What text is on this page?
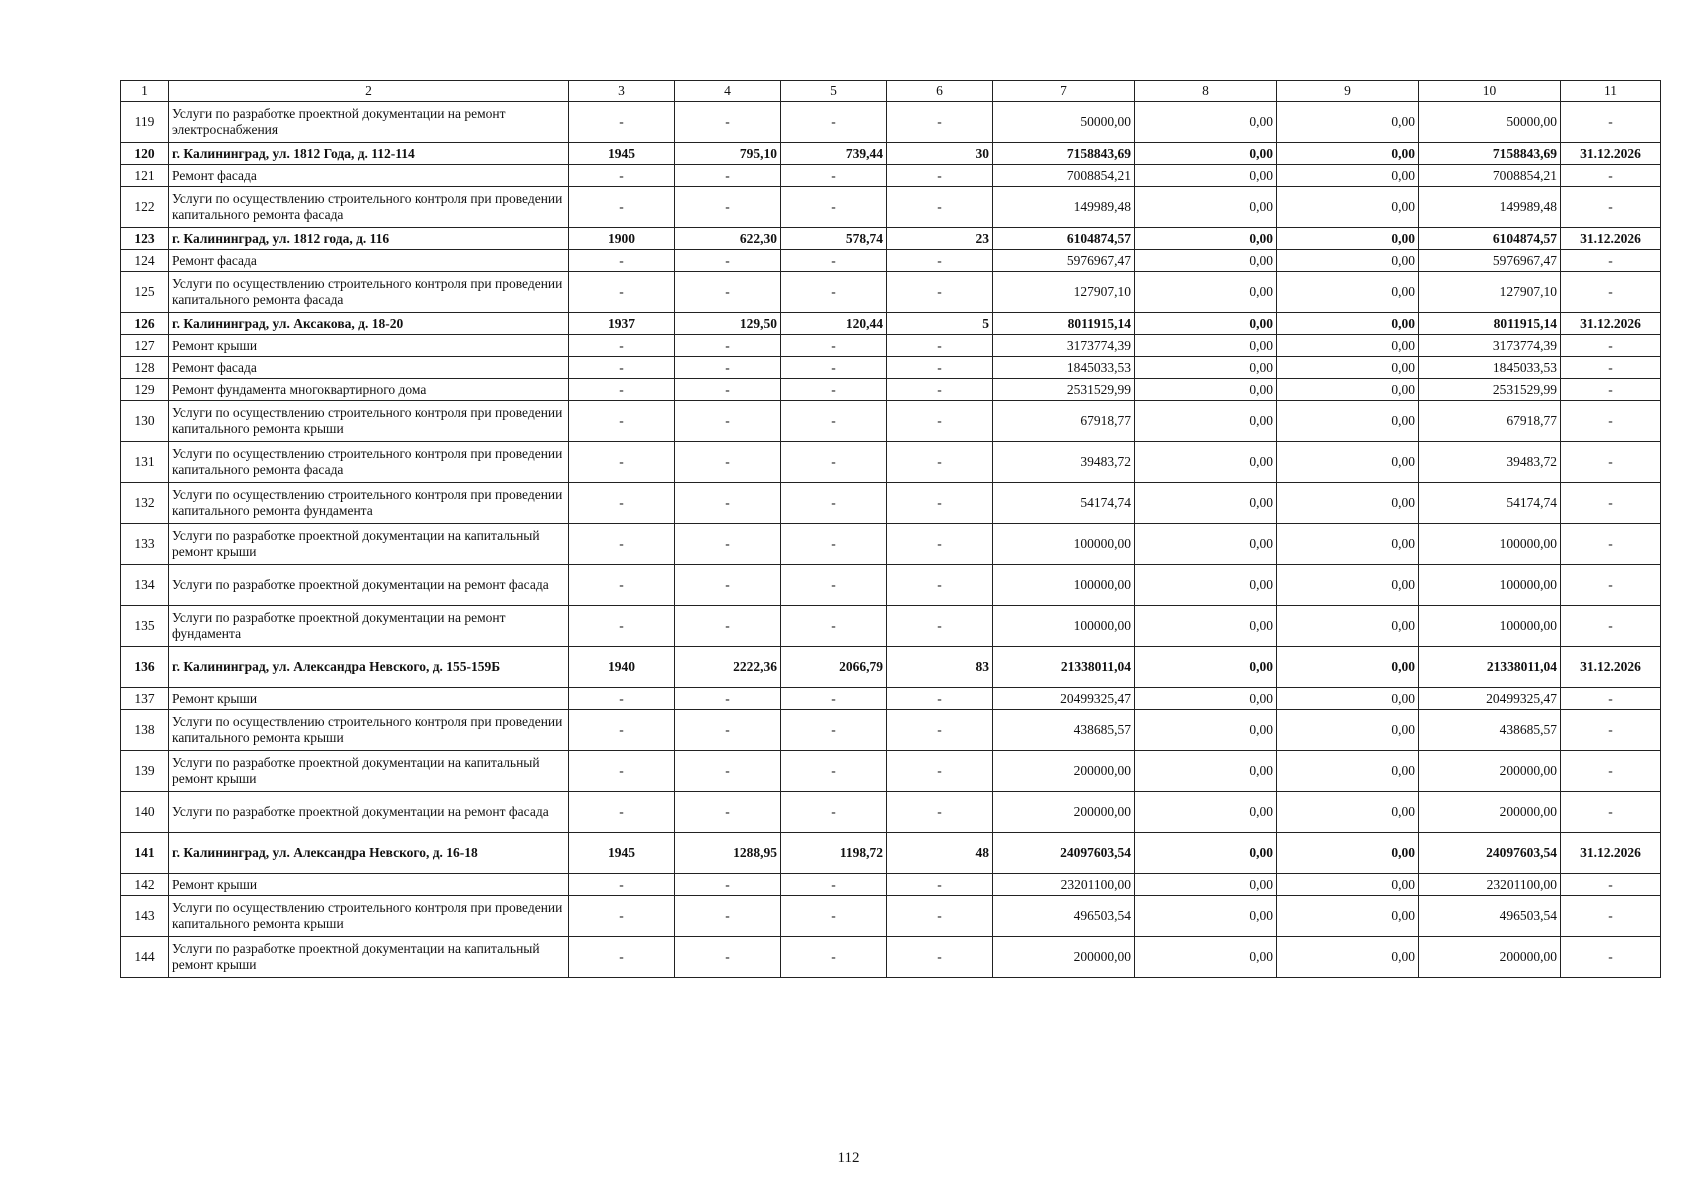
1	2	3	4	5	6	7	8	9	10	11
119	Услуги по разработке проектной документации на ремонт электроснабжения	-	-	-	-	50000,00	0,00	0,00	50000,00	-
120	г. Калининград, ул. 1812 Года, д. 112-114	1945	795,10	739,44	30	7158843,69	0,00	0,00	7158843,69	31.12.2026
121	Ремонт фасада	-	-	-	-	7008854,21	0,00	0,00	7008854,21	-
122	Услуги по осуществлению строительного контроля при проведении капитального ремонта фасада	-	-	-	-	149989,48	0,00	0,00	149989,48	-
123	г. Калининград, ул. 1812 года, д. 116	1900	622,30	578,74	23	6104874,57	0,00	0,00	6104874,57	31.12.2026
124	Ремонт фасада	-	-	-	-	5976967,47	0,00	0,00	5976967,47	-
125	Услуги по осуществлению строительного контроля при проведении капитального ремонта фасада	-	-	-	-	127907,10	0,00	0,00	127907,10	-
126	г. Калининград, ул. Аксакова, д. 18-20	1937	129,50	120,44	5	8011915,14	0,00	0,00	8011915,14	31.12.2026
127	Ремонт крыши	-	-	-	-	3173774,39	0,00	0,00	3173774,39	-
128	Ремонт фасада	-	-	-	-	1845033,53	0,00	0,00	1845033,53	-
129	Ремонт фундамента многоквартирного дома	-	-	-	-	2531529,99	0,00	0,00	2531529,99	-
130	Услуги по осуществлению строительного контроля при проведении капитального ремонта крыши	-	-	-	-	67918,77	0,00	0,00	67918,77	-
131	Услуги по осуществлению строительного контроля при проведении капитального ремонта фасада	-	-	-	-	39483,72	0,00	0,00	39483,72	-
132	Услуги по осуществлению строительного контроля при проведении капитального ремонта фундамента	-	-	-	-	54174,74	0,00	0,00	54174,74	-
133	Услуги по разработке проектной документации на капитальный ремонт крыши	-	-	-	-	100000,00	0,00	0,00	100000,00	-
134	Услуги по разработке проектной документации на ремонт фасада	-	-	-	-	100000,00	0,00	0,00	100000,00	-
135	Услуги по разработке проектной документации на ремонт фундамента	-	-	-	-	100000,00	0,00	0,00	100000,00	-
136	г. Калининград, ул. Александра Невского, д. 155-159Б	1940	2222,36	2066,79	83	21338011,04	0,00	0,00	21338011,04	31.12.2026
137	Ремонт крыши	-	-	-	-	20499325,47	0,00	0,00	20499325,47	-
138	Услуги по осуществлению строительного контроля при проведении капитального ремонта крыши	-	-	-	-	438685,57	0,00	0,00	438685,57	-
139	Услуги по разработке проектной документации на капитальный ремонт крыши	-	-	-	-	200000,00	0,00	0,00	200000,00	-
140	Услуги по разработке проектной документации на ремонт фасада	-	-	-	-	200000,00	0,00	0,00	200000,00	-
141	г. Калининград, ул. Александра Невского, д. 16-18	1945	1288,95	1198,72	48	24097603,54	0,00	0,00	24097603,54	31.12.2026
142	Ремонт крыши	-	-	-	-	23201100,00	0,00	0,00	23201100,00	-
143	Услуги по осуществлению строительного контроля при проведении капитального ремонта крыши	-	-	-	-	496503,54	0,00	0,00	496503,54	-
144	Услуги по разработке проектной документации на капитальный ремонт крыши	-	-	-	-	200000,00	0,00	0,00	200000,00	-
112
